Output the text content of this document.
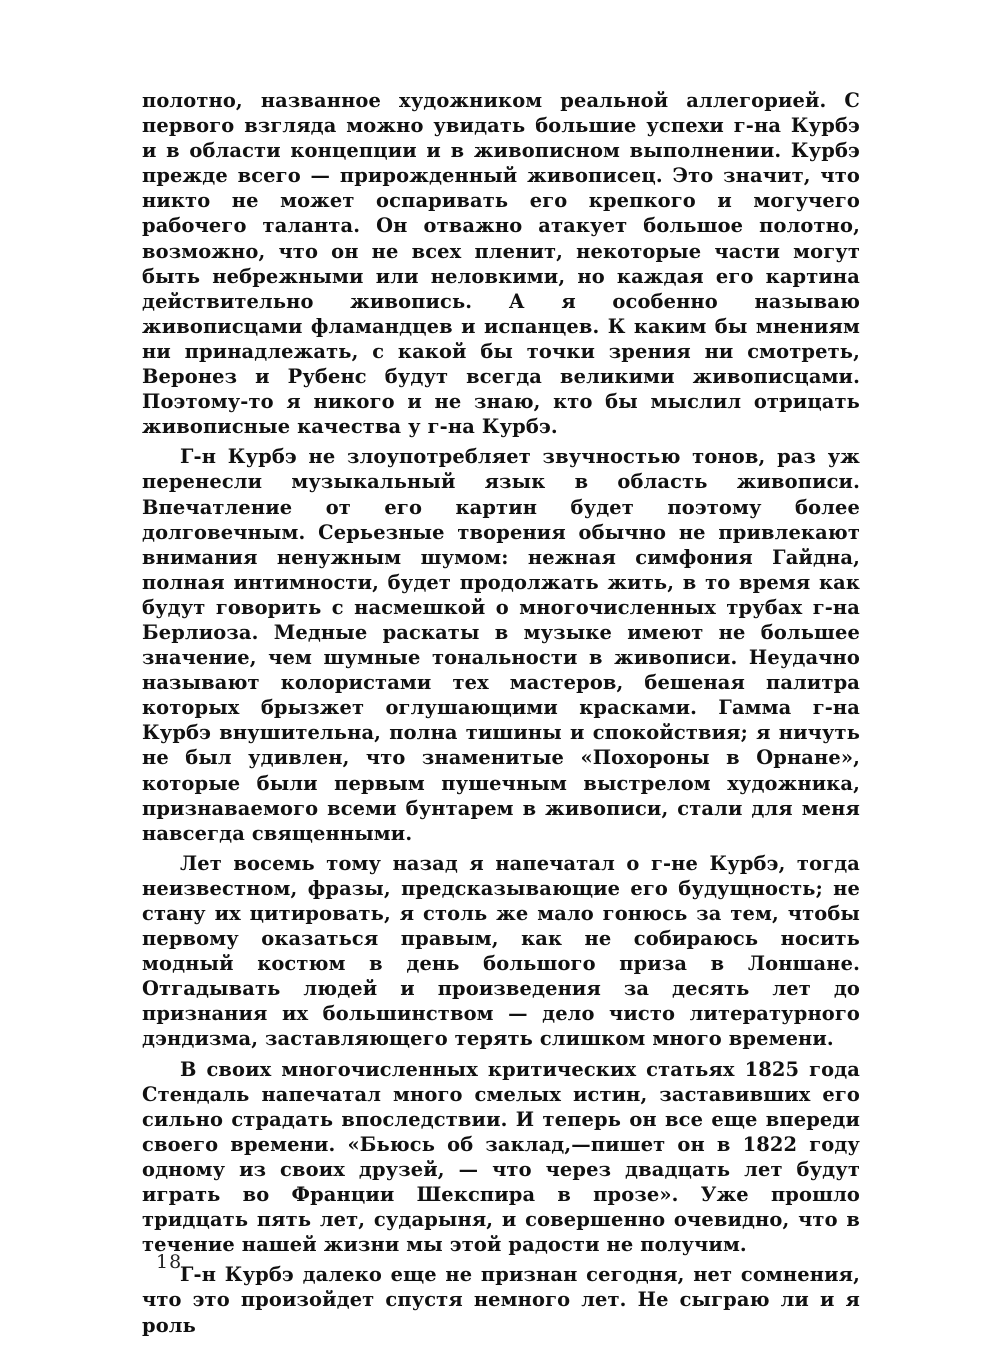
полотно, названное художником реальной аллегорией. С первого взгляда можно увидать большие успехи г-на Курбэ и в области концепции и в живописном выполнении. Курбэ прежде всего — прирожденный живописец. Это значит, что никто не может оспаривать его крепкого и могучего рабочего таланта. Он отважно атакует большое полотно, возможно, что он не всех пленит, некоторые части могут быть небрежными или неловкими, но каждая его картина действительно живопись. А я особенно называю живописцами фламандцев и испанцев. К каким бы мнениям ни принадлежать, с какой бы точки зрения ни смотреть, Веронез и Рубенс будут всегда великими живописцами. Поэтому-то я никого и не знаю, кто бы мыслил отрицать живописные качества у г-на Курбэ.

Г-н Курбэ не злоупотребляет звучностью тонов, раз уж перенесли музыкальный язык в область живописи. Впечатление от его картин будет поэтому более долговечным. Серьезные творения обычно не привлекают внимания ненужным шумом: нежная симфония Гайдна, полная интимности, будет продолжать жить, в то время как будут говорить с насмешкой о многочисленных трубах г-на Берлиоза. Медные раскаты в музыке имеют не большее значение, чем шумные тональности в живописи. Неудачно называют колористами тех мастеров, бешеная палитра которых брызжет оглушающими красками. Гамма г-на Курбэ внушительна, полна тишины и спокойствия; я ничуть не был удивлен, что знаменитые «Похороны в Орнане», которые были первым пушечным выстрелом художника, признаваемого всеми бунтарем в живописи, стали для меня навсегда священными.

Лет восемь тому назад я напечатал о г-не Курбэ, тогда неизвестном, фразы, предсказывающие его будущность; не стану их цитировать, я столь же мало гонюсь за тем, чтобы первому оказаться правым, как не собираюсь носить модный костюм в день большого приза в Лоншане. Отгадывать людей и произведения за десять лет до признания их большинством — дело чисто литературного дэндизма, заставляющего терять слишком много времени.

В своих многочисленных критических статьях 1825 года Стендаль напечатал много смелых истин, заставивших его сильно страдать впоследствии. И теперь он все еще впереди своего времени. «Бьюсь об заклад,—пишет он в 1822 году одному из своих друзей, — что через двадцать лет будут играть во Франции Шекспира в прозе». Уже прошло тридцать пять лет, сударыня, и совершенно очевидно, что в течение нашей жизни мы этой радости не получим.

Г-н Курбэ далеко еще не признан сегодня, нет сомнения, что это произойдет спустя немного лет. Не сыграю ли и я роль

18
